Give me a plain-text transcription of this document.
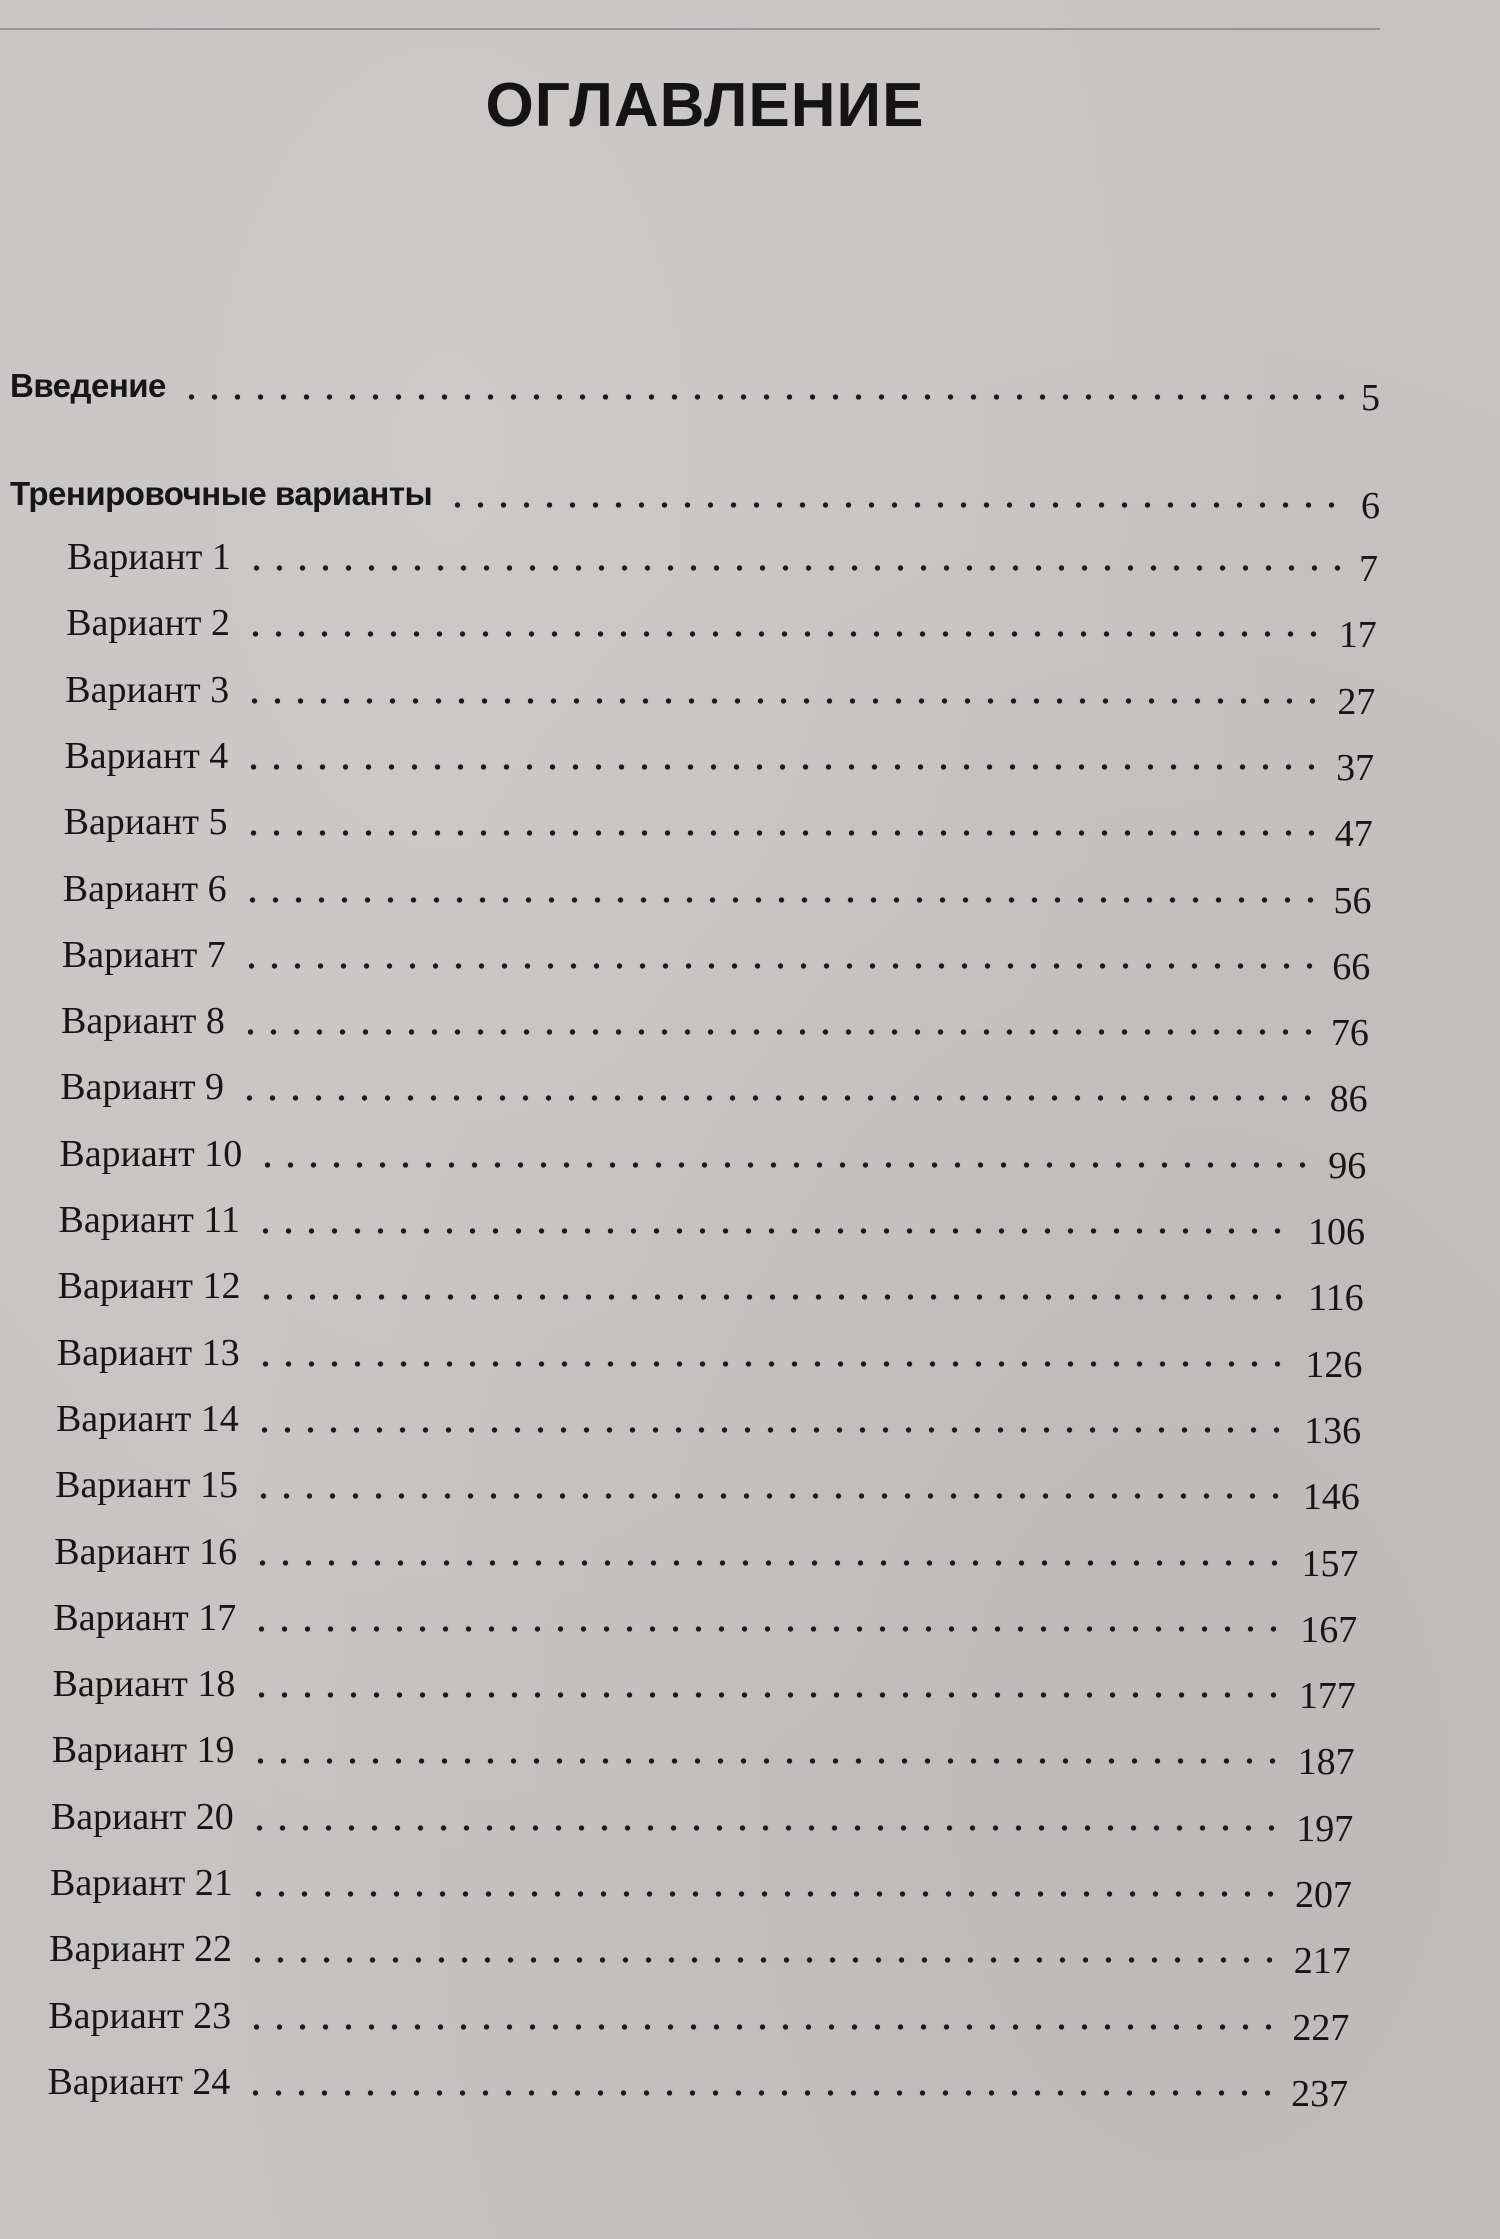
ОГЛАВЛЕНИЕ
Введение	5
Тренировочные варианты	6
Вариант 1	7
Вариант 2	17
Вариант 3	27
Вариант 4	37
Вариант 5	47
Вариант 6	56
Вариант 7	66
Вариант 8	76
Вариант 9	86
Вариант 10	96
Вариант 11	106
Вариант 12	116
Вариант 13	126
Вариант 14	136
Вариант 15	146
Вариант 16	157
Вариант 17	167
Вариант 18	177
Вариант 19	187
Вариант 20	197
Вариант 21	207
Вариант 22	217
Вариант 23	227
Вариант 24	237
